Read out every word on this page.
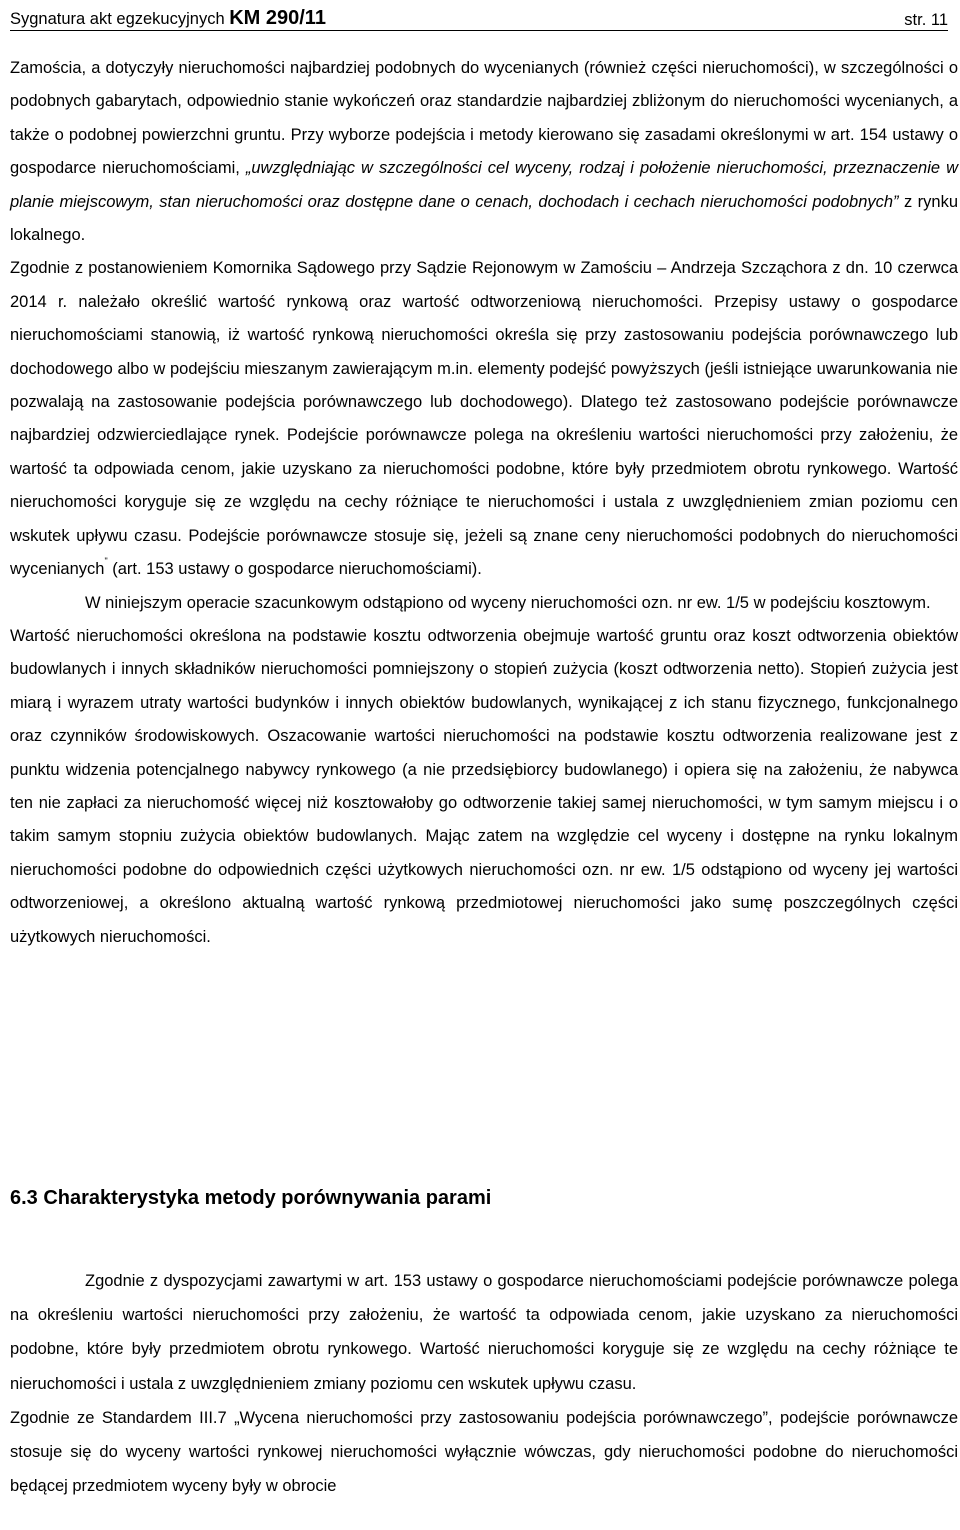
Sygnatura akt egzekucyjnych KM 290/11	str. 11

Zamościa, a dotyczyły nieruchomości najbardziej podobnych do wycenianych (również części nieruchomości), w szczególności o podobnych gabarytach, odpowiednio stanie wykończeń oraz standardzie najbardziej zbliżonym do nieruchomości wycenianych, a także o podobnej powierzchni gruntu. Przy wyborze podejścia i metody kierowano się zasadami określonymi w art. 154 ustawy o gospodarce nieruchomościami, „uwzględniając w szczególności cel wyceny, rodzaj i położenie nieruchomości, przeznaczenie w planie miejscowym, stan nieruchomości oraz dostępne dane o cenach, dochodach i cechach nieruchomości podobnych” z rynku lokalnego.

Zgodnie z postanowieniem Komornika Sądowego przy Sądzie Rejonowym w Zamościu – Andrzeja Szcząchora z dn. 10 czerwca 2014 r. należało określić wartość rynkową oraz wartość odtworzeniową nieruchomości. Przepisy ustawy o gospodarce nieruchomościami stanowią, iż wartość rynkową nieruchomości określa się przy zastosowaniu podejścia porównawczego lub dochodowego albo w podejściu mieszanym zawierającym m.in. elementy podejść powyższych (jeśli istniejące uwarunkowania nie pozwalają na zastosowanie podejścia porównawczego lub dochodowego). Dlatego też zastosowano podejście porównawcze najbardziej odzwierciedlające rynek. Podejście porównawcze polega na określeniu wartości nieruchomości przy założeniu, że wartość ta odpowiada cenom, jakie uzyskano za nieruchomości podobne, które były przedmiotem obrotu rynkowego. Wartość nieruchomości koryguje się ze względu na cechy różniące te nieruchomości i ustala z uwzględnieniem zmian poziomu cen wskutek upływu czasu. Podejście porównawcze stosuje się, jeżeli są znane ceny nieruchomości podobnych do nieruchomości wycenianych" (art. 153 ustawy o gospodarce nieruchomościami).

W niniejszym operacie szacunkowym odstąpiono od wyceny nieruchomości ozn. nr ew. 1/5 w podejściu kosztowym.

Wartość nieruchomości określona na podstawie kosztu odtworzenia obejmuje wartość gruntu oraz koszt odtworzenia obiektów budowlanych i innych składników nieruchomości pomniejszony o stopień zużycia (koszt odtworzenia netto). Stopień zużycia jest miarą i wyrazem utraty wartości budynków i innych obiektów budowlanych, wynikającej z ich stanu fizycznego, funkcjonalnego oraz czynników środowiskowych. Oszacowanie wartości nieruchomości na podstawie kosztu odtworzenia realizowane jest z punktu widzenia potencjalnego nabywcy rynkowego (a nie przedsiębiorcy budowlanego) i opiera się na założeniu, że nabywca ten nie zapłaci za nieruchomość więcej niż kosztowałoby go odtworzenie takiej samej nieruchomości, w tym samym miejscu i o takim samym stopniu zużycia obiektów budowlanych. Mając zatem na względzie cel wyceny i dostępne na rynku lokalnym nieruchomości podobne do odpowiednich części użytkowych nieruchomości ozn. nr ew. 1/5 odstąpiono od wyceny jej wartości odtworzeniowej, a określono aktualną wartość rynkową przedmiotowej nieruchomości jako sumę poszczególnych części użytkowych nieruchomości.

6.3 Charakterystyka metody porównywania parami

Zgodnie z dyspozycjami zawartymi w art. 153 ustawy o gospodarce nieruchomościami podejście porównawcze polega na określeniu wartości nieruchomości przy założeniu, że wartość ta odpowiada cenom, jakie uzyskano za nieruchomości podobne, które były przedmiotem obrotu rynkowego. Wartość nieruchomości koryguje się ze względu na cechy różniące te nieruchomości i ustala z uwzględnieniem zmiany poziomu cen wskutek upływu czasu.

Zgodnie ze Standardem III.7 „Wycena nieruchomości przy zastosowaniu podejścia porównawczego”, podejście porównawcze stosuje się do wyceny wartości rynkowej nieruchomości wyłącznie wówczas, gdy nieruchomości podobne do nieruchomości będącej przedmiotem wyceny były w obrocie
